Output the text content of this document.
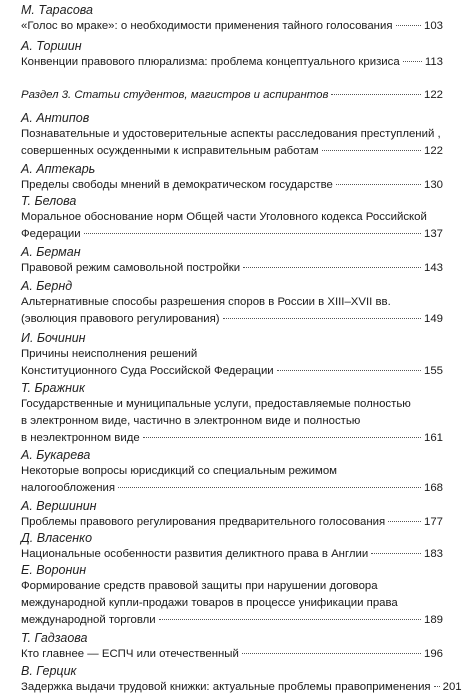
М. Тарасова
«Голос во мраке»: о необходимости применения тайного голосования	103
А. Торшин
Конвенции правового плюрализма: проблема концептуального кризиса 113
Раздел 3. Статьи студентов, магистров и аспирантов	122
А. Антипов
Познавательные и удостоверительные аспекты расследования преступлений ,
совершенных осужденными к исправительным работам	122
А. Аптекарь
Пределы свободы мнений в демократическом государстве	130
Т. Белова
Моральное обоснование норм Общей части Уголовного кодекса Российской
Федерации	137
А. Берман
Правовой режим самовольной постройки	143
А. Бернд
Альтернативные способы разрешения споров в России в XIII–XVII вв.
(эволюция правового регулирования)	149
И. Бочинин
Причины неисполнения решений
Конституционного Суда Российской Федерации	155
Т. Бражник
Государственные и муниципальные услуги, предоставляемые полностью
в электронном виде, частично в электронном виде и полностью
в неэлектронном виде	161
А. Букарева
Некоторые вопросы юрисдикций со специальным режимом
налогообложения	168
А. Вершинин
Проблемы правового регулирования предварительного голосования	177
Д. Власенко
Национальные особенности развития деликтного права в Англии	183
Е. Воронин
Формирование средств правовой защиты при нарушении договора
международной купли-продажи товаров в процессе унификации права
международной торговли	189
Т. Гадзаова
Кто главнее — ЕСПЧ или отечественный	196
В. Герцик
Задержка выдачи трудовой книжки: актуальные проблемы правоприменения 201
